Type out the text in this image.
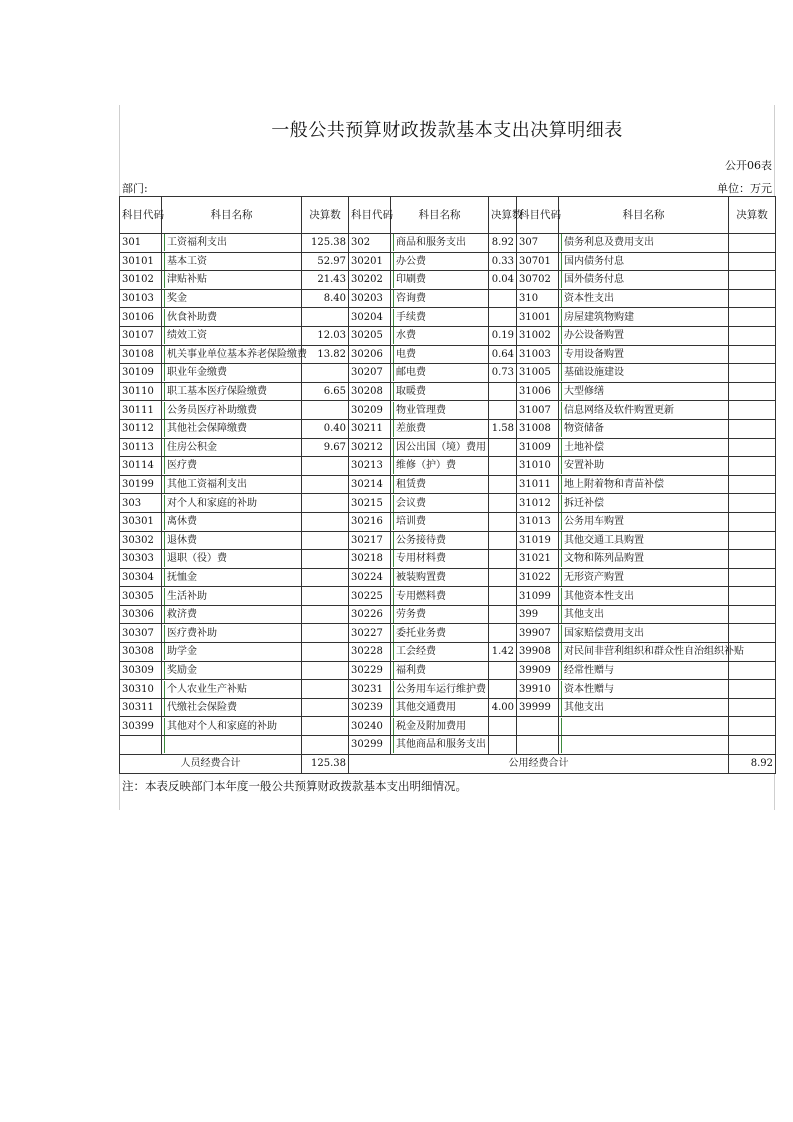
一般公共预算财政拨款基本支出决算明细表
公开06表
部门:	单位：万元
科目代码	科目名称	决算数	科目代码	科目名称	决算数	科目代码	科目名称	决算数
301	工资福利支出	125.38	302	商品和服务支出	8.92	307	债务利息及费用支出	

30101	基本工资	52.97	30201	办公费	0.33	30701	国内债务付息	

30102	津贴补贴	21.43	30202	印刷费	0.04	30702	国外债务付息	

30103	奖金	8.40	30203	咨询费		310	资本性支出	

30106	伙食补助费		30204	手续费		31001	房屋建筑物购建	

30107	绩效工资	12.03	30205	水费	0.19	31002	办公设备购置	

30108	机关事业单位基本养老保险缴费	13.82	30206	电费	0.64	31003	专用设备购置	

30109	职业年金缴费		30207	邮电费	0.73	31005	基础设施建设	

30110	职工基本医疗保险缴费	6.65	30208	取暖费		31006	大型修缮	

30111	公务员医疗补助缴费		30209	物业管理费		31007	信息网络及软件购置更新	

30112	其他社会保障缴费	0.40	30211	差旅费	1.58	31008	物资储备	

30113	住房公积金	9.67	30212	因公出国（境）费用		31009	土地补偿	

30114	医疗费		30213	维修（护）费		31010	安置补助	

30199	其他工资福利支出		30214	租赁费		31011	地上附着物和青苗补偿	

303	对个人和家庭的补助		30215	会议费		31012	拆迁补偿	

30301	离休费		30216	培训费		31013	公务用车购置	

30302	退休费		30217	公务接待费		31019	其他交通工具购置	

30303	退职（役）费		30218	专用材料费		31021	文物和陈列品购置	

30304	抚恤金		30224	被装购置费		31022	无形资产购置	

30305	生活补助		30225	专用燃料费		31099	其他资本性支出	

30306	救济费		30226	劳务费		399	其他支出	

30307	医疗费补助		30227	委托业务费		39907	国家赔偿费用支出	

30308	助学金		30228	工会经费	1.42	39908	对民间非营利组织和群众性自治组织补贴	

30309	奖励金		30229	福利费		39909	经常性赠与	

30310	个人农业生产补贴		30231	公务用车运行维护费		39910	资本性赠与	

30311	代缴社会保险费		30239	其他交通费用	4.00	39999	其他支出	

30399	其他对个人和家庭的补助		30240	税金及附加费用				

		30299	其他商品和服务支出				

人员经费合计		125.38	公用经费合计					8.92
注：本表反映部门本年度一般公共预算财政拨款基本支出明细情况。
